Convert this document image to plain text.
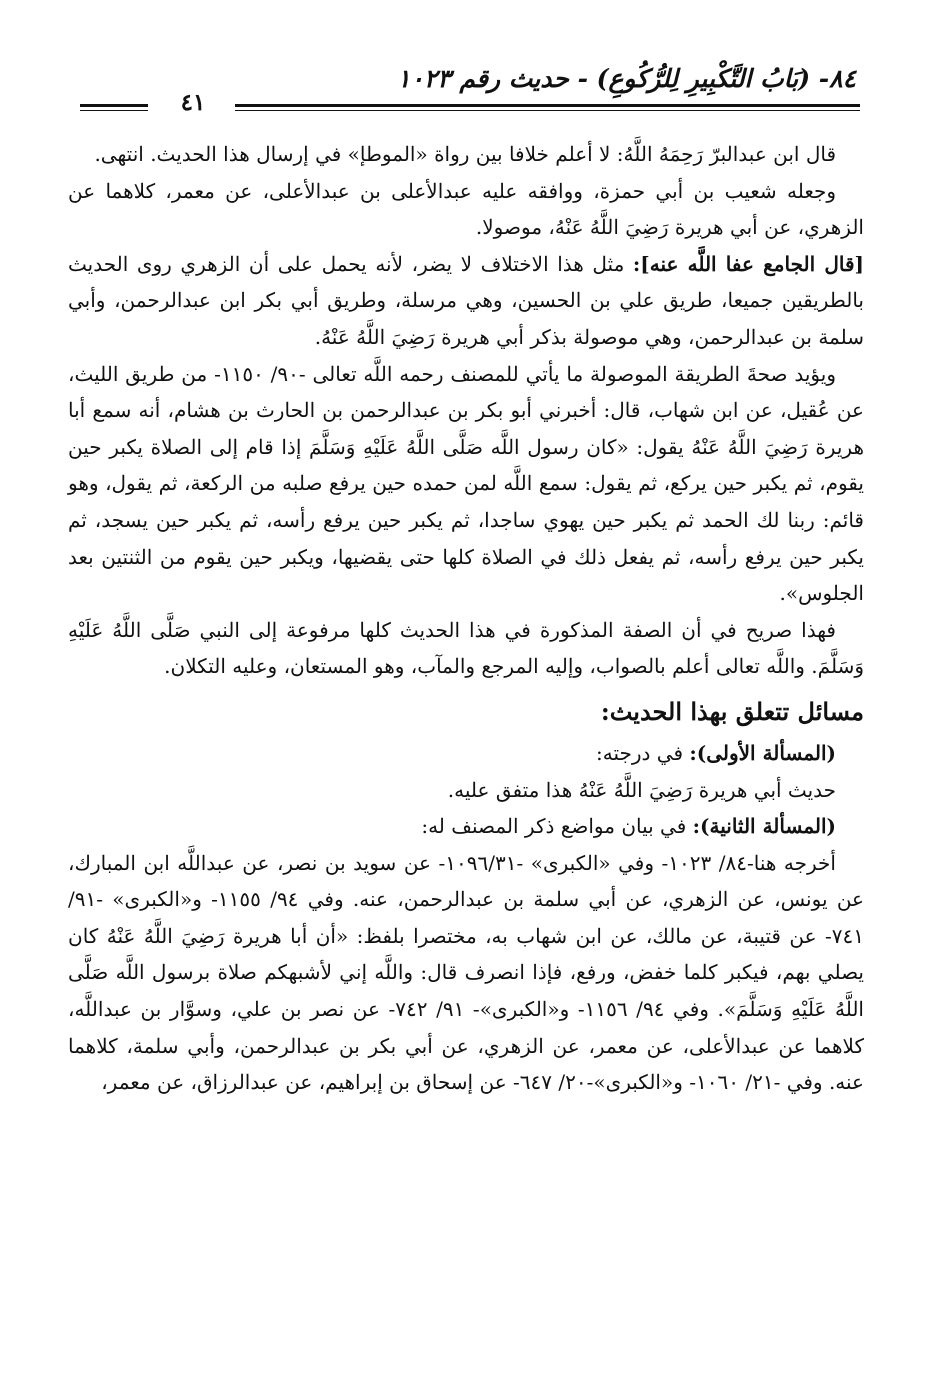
٨٤- (بَابُ التَّكْبِيرِ لِلرُّكُوعِ) - حديث رقم ١٠٢٣
٤١

قال ابن عبدالبرّ رَحِمَهُ اللَّهُ: لا أعلم خلافا بين رواة «الموطإ» في إرسال هذا الحديث. انتهى.

وجعله شعيب بن أبي حمزة، ووافقه عليه عبدالأعلى بن عبدالأعلى، عن معمر، كلاهما عن الزهري، عن أبي هريرة رَضِيَ اللَّهُ عَنْهُ، موصولا.

[قال الجامع عفا اللَّه عنه]: مثل هذا الاختلاف لا يضر، لأنه يحمل على أن الزهري روى الحديث بالطريقين جميعا، طريق علي بن الحسين، وهي مرسلة، وطريق أبي بكر ابن عبدالرحمن، وأبي سلمة بن عبدالرحمن، وهي موصولة بذكر أبي هريرة رَضِيَ اللَّهُ عَنْهُ.

ويؤيد صحةَ الطريقة الموصولة ما يأتي للمصنف رحمه اللَّه تعالى -٩٠/ ١١٥٠- من طريق الليث، عن عُقيل، عن ابن شهاب، قال: أخبرني أبو بكر بن عبدالرحمن بن الحارث بن هشام، أنه سمع أبا هريرة رَضِيَ اللَّهُ عَنْهُ يقول: «كان رسول اللَّه صَلَّى اللَّهُ عَلَيْهِ وَسَلَّمَ إذا قام إلى الصلاة يكبر حين يقوم، ثم يكبر حين يركع، ثم يقول: سمع اللَّه لمن حمده حين يرفع صلبه من الركعة، ثم يقول، وهو قائم: ربنا لك الحمد ثم يكبر حين يهوي ساجدا، ثم يكبر حين يرفع رأسه، ثم يكبر حين يسجد، ثم يكبر حين يرفع رأسه، ثم يفعل ذلك في الصلاة كلها حتى يقضيها، ويكبر حين يقوم من الثنتين بعد الجلوس».

فهذا صريح في أن الصفة المذكورة في هذا الحديث كلها مرفوعة إلى النبي صَلَّى اللَّهُ عَلَيْهِ وَسَلَّمَ. واللَّه تعالى أعلم بالصواب، وإليه المرجع والمآب، وهو المستعان، وعليه التكلان.

مسائل تتعلق بهذا الحديث:

(المسألة الأولى): في درجته:

حديث أبي هريرة رَضِيَ اللَّهُ عَنْهُ هذا متفق عليه.

(المسألة الثانية): في بيان مواضع ذكر المصنف له:

أخرجه هنا-٨٤/ ١٠٢٣- وفي «الكبرى» -١٠٩٦/٣١- عن سويد بن نصر، عن عبداللَّه ابن المبارك، عن يونس، عن الزهري، عن أبي سلمة بن عبدالرحمن، عنه. وفي ٩٤/ ١١٥٥- و«الكبرى» -٩١/ ٧٤١- عن قتيبة، عن مالك، عن ابن شهاب به، مختصرا بلفظ: «أن أبا هريرة رَضِيَ اللَّهُ عَنْهُ كان يصلي بهم، فيكبر كلما خفض، ورفع، فإذا انصرف قال: واللَّه إني لأشبهكم صلاة برسول اللَّه صَلَّى اللَّهُ عَلَيْهِ وَسَلَّمَ». وفي ٩٤/ ١١٥٦- و«الكبرى»- ٩١/ ٧٤٢- عن نصر بن علي، وسوَّار بن عبداللَّه، كلاهما عن عبدالأعلى، عن معمر، عن الزهري، عن أبي بكر بن عبدالرحمن، وأبي سلمة، كلاهما عنه. وفي -٢١/ ١٠٦٠- و«الكبرى»-٢٠/ ٦٤٧- عن إسحاق بن إبراهيم، عن عبدالرزاق، عن معمر،
